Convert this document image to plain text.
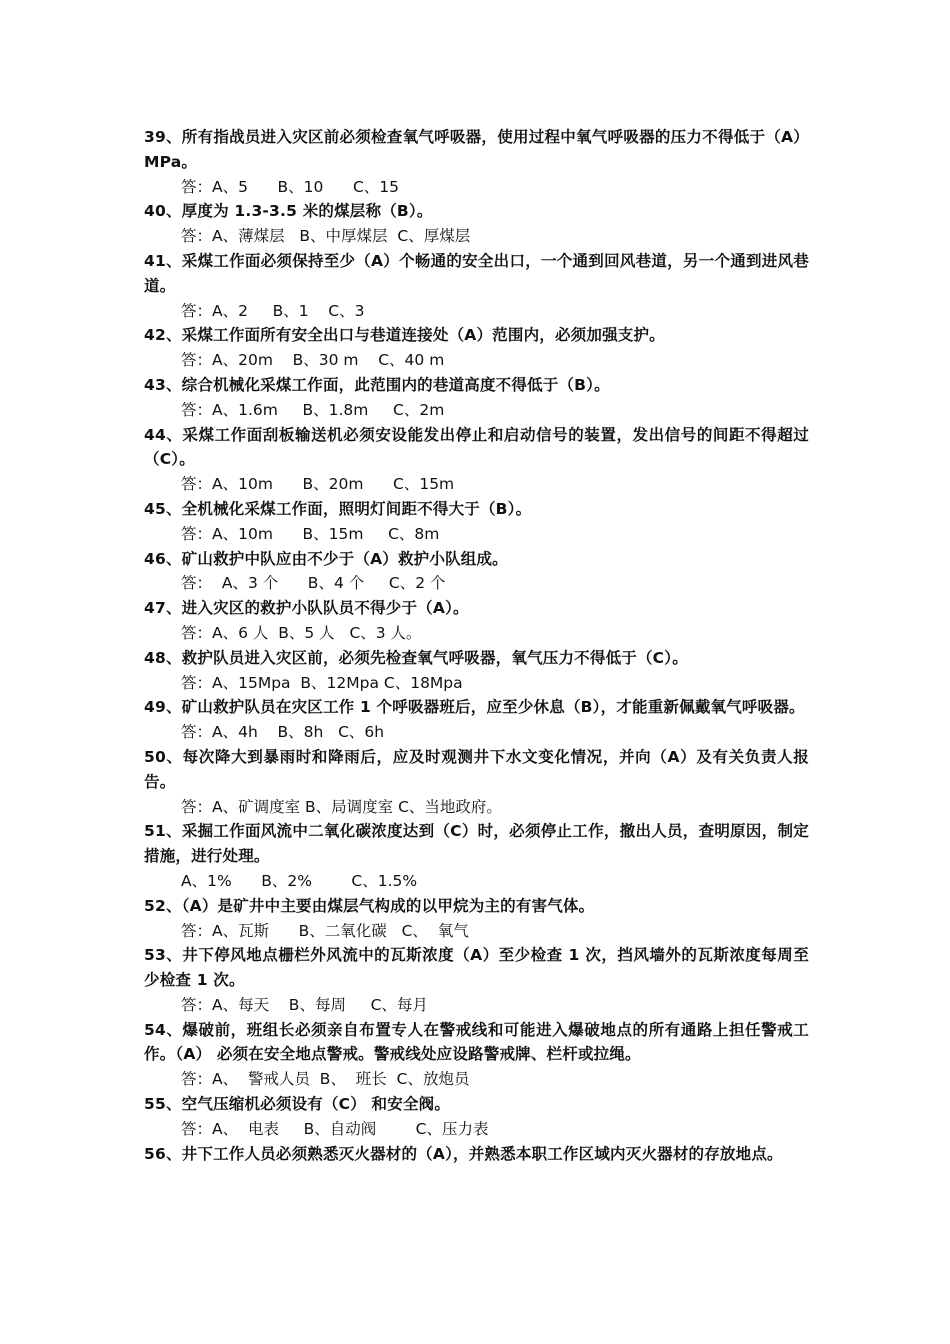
39、所有指战员进入灾区前必须检查氧气呼吸器，使用过程中氧气呼吸器的压力不得低于（A）MPa。
答：A、5      B、10      C、15
40、厚度为 1.3-3.5 米的煤层称（B）。
答：A、薄煤层   B、中厚煤层  C、厚煤层
41、采煤工作面必须保持至少（A）个畅通的安全出口，一个通到回风巷道，另一个通到进风巷道。
答：A、2     B、1    C、3
42、采煤工作面所有安全出口与巷道连接处（A）范围内，必须加强支护。
答：A、20m    B、30 m    C、40 m
43、综合机械化采煤工作面，此范围内的巷道高度不得低于（B）。
答：A、1.6m     B、1.8m     C、2m
44、采煤工作面刮板输送机必须安设能发出停止和启动信号的装置，发出信号的间距不得超过（C）。
答：A、10m      B、20m      C、15m
45、全机械化采煤工作面，照明灯间距不得大于（B）。
答：A、10m      B、15m     C、8m
46、矿山救护中队应由不少于（A）救护小队组成。
答：  A、3 个      B、4 个     C、2 个
47、进入灾区的救护小队队员不得少于（A）。
答：A、6 人  B、5 人   C、3 人。
48、救护队员进入灾区前，必须先检查氧气呼吸器，氧气压力不得低于（C）。
答：A、15Mpa  B、12Mpa C、18Mpa
49、矿山救护队员在灾区工作 1 个呼吸器班后，应至少休息（B），才能重新佩戴氧气呼吸器。
答：A、4h    B、8h   C、6h
50、每次降大到暴雨时和降雨后，应及时观测井下水文变化情况，并向（A）及有关负责人报告。
答：A、矿调度室 B、局调度室 C、当地政府。
51、采掘工作面风流中二氧化碳浓度达到（C）时，必须停止工作，撤出人员，查明原因，制定措施，进行处理。
A、1%      B、2%        C、1.5%
52、（A）是矿井中主要由煤层气构成的以甲烷为主的有害气体。
答：A、瓦斯      B、二氧化碳   C、  氧气
53、井下停风地点栅栏外风流中的瓦斯浓度（A）至少检查 1 次，挡风墙外的瓦斯浓度每周至少检查 1 次。
答：A、每天    B、每周     C、每月
54、爆破前，班组长必须亲自布置专人在警戒线和可能进入爆破地点的所有通路上担任警戒工作。（A） 必须在安全地点警戒。警戒线处应设路警戒牌、栏杆或拉绳。
答：A、  警戒人员  B、  班长  C、放炮员
55、空气压缩机必须设有（C） 和安全阀。
答：A、  电表     B、自动阀        C、压力表
56、井下工作人员必须熟悉灭火器材的（A），并熟悉本职工作区域内灭火器材的存放地点。
